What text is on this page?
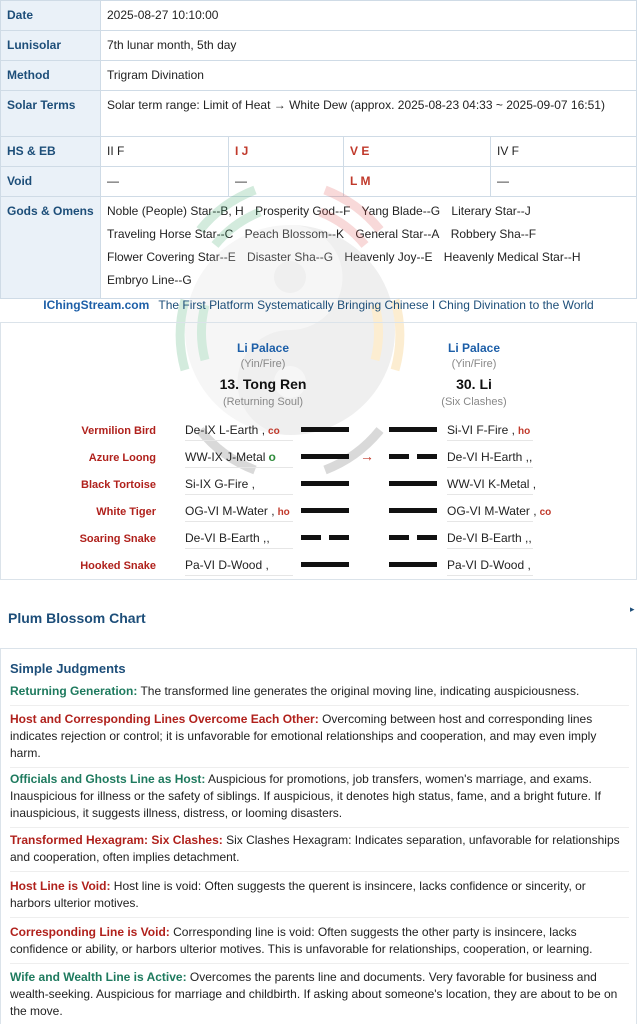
Date	2025-08-27 10:10:00			
Lunisolar	7th lunar month, 5th day			
Method	Trigram Divination			
Solar Terms	Solar term range: Limit of Heat → White Dew (approx. 2025-08-23 04:33 ~ 2025-09-07 16:51)			
HS & EB	II F	I J	V E	IV F
Void	—	—	L M	—
Gods & Omens	Noble (People) Star--B, H Prosperity God--F Yang Blade--G Literary Star--J Traveling Horse Star--C Peach Blossom--K General Star--A Robbery Sha--F Flower Covering Star--E Disaster Sha--G Heavenly Joy--E Heavenly Medical Star--H Embryo Line--G			
IChingStream.com The First Platform Systematically Bringing Chinese I Ching Divination to the World
Li Palace
(Yin/Fire)
13. Tong Ren
(Returning Soul)
Li Palace
(Yin/Fire)
30. Li
(Six Clashes)
Vermilion Bird De-IX L-Earth , co	Si-VI F-Fire , ho
Azure Loong WW-IX J-Metal o	→	De-VI H-Earth ,,
Black Tortoise Si-IX G-Fire ,	WW-VI K-Metal ,
White Tiger OG-VI M-Water , ho	OG-VI M-Water , co
Soaring Snake De-VI B-Earth ,,	De-VI B-Earth ,,
Hooked Snake Pa-VI D-Wood ,	Pa-VI D-Wood ,
Plum Blossom Chart
▸
Simple Judgments
Returning Generation: The transformed line generates the original moving line, indicating auspiciousness.
Host and Corresponding Lines Overcome Each Other: Overcoming between host and corresponding lines indicates rejection or control; it is unfavorable for emotional relationships and cooperation, and may even imply harm.
Officials and Ghosts Line as Host: Auspicious for promotions, job transfers, women's marriage, and exams. Inauspicious for illness or the safety of siblings. If auspicious, it denotes high status, fame, and a bright future. If inauspicious, it suggests illness, distress, or looming disasters.
Transformed Hexagram: Six Clashes: Six Clashes Hexagram: Indicates separation, unfavorable for relationships and cooperation, often implies detachment.
Host Line is Void: Host line is void: Often suggests the querent is insincere, lacks confidence or sincerity, or harbors ulterior motives.
Corresponding Line is Void: Corresponding line is void: Often suggests the other party is insincere, lacks confidence or ability, or harbors ulterior motives. This is unfavorable for relationships, cooperation, or learning.
Wife and Wealth Line is Active: Overcomes the parents line and documents. Very favorable for business and wealth-seeking. Auspicious for marriage and childbirth. If asking about someone's location, they are about to be on the move.
